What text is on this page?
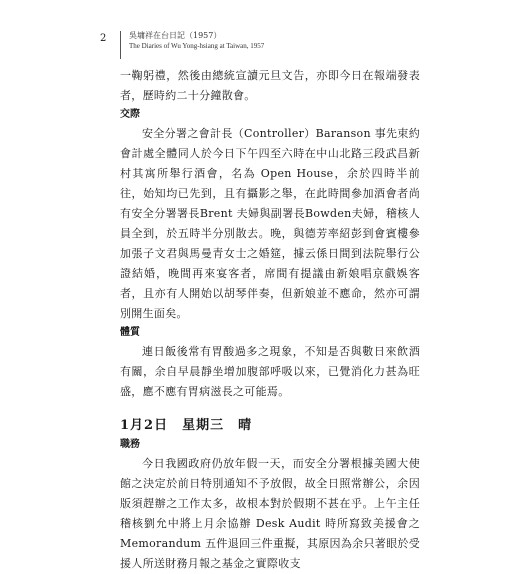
2	吳墉祥在台日記（1957）
The Diaries of Wu Yong-hsiang at Taiwan, 1957

一鞠躬禮，然後由總統宣讀元旦文告，亦即今日在報端發表者，歷時約二十分鐘散會。

交際

安全分署之會計長（Controller）Baranson 事先束約會計處全體同人於今日下午四至六時在中山北路三段武昌新村其寓所舉行酒會，名為 Open House，余於四時半前往，始知均已先到，且有攝影之舉，在此時間參加酒會者尚有安全分署署長Brent 夫婦與副署長Bowden夫婦，稽核人員全到，於五時半分別散去。晚，與德芳率紹彭到會賓樓參加張子文君與馬曼青女士之婚筵，據云係日間到法院舉行公證結婚，晚間再來宴客者，席間有提議由新娘唱京戲娛客者，且亦有人開始以胡琴伴奏，但新娘並不應命，然亦可謂別開生面矣。

體質

連日飯後常有胃酸過多之現象，不知是否與數日來飲酒有關，余自早晨靜坐增加腹部呼吸以來，已覺消化力甚為旺盛，應不應有胃病滋長之可能焉。

1月2日　星期三　晴
職務

今日我國政府仍放年假一天，而安全分署根據美國大使館之決定於前日特別通知不予放假，故全日照常辦公，余因版須趕辦之工作太多，故根本對於假期不甚在乎。上午主任稽核劉允中將上月余協辦 Desk Audit 時所寫致美援會之 Memorandum 五件退回三件重擬，其原因為余只著眼於受援人所送財務月報之基金之實際收支
